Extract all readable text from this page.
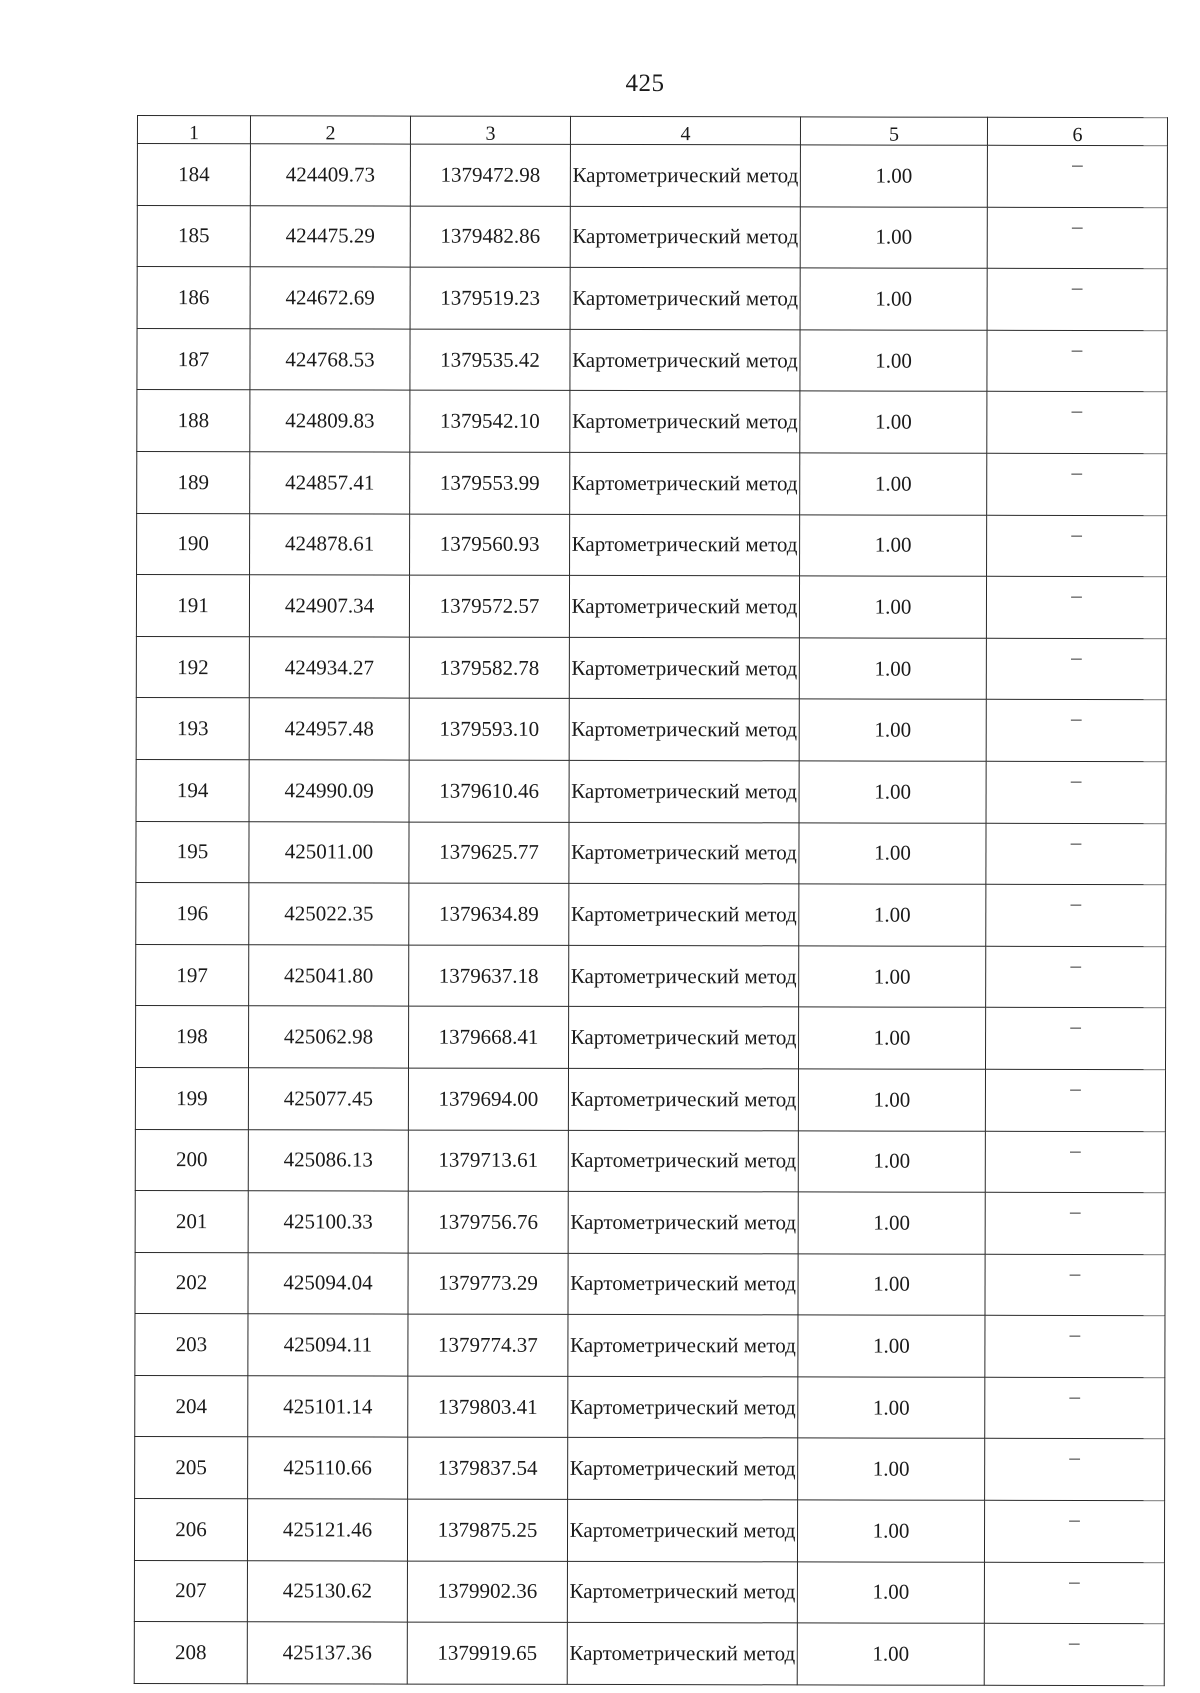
425
1	2	3	4	5	6
184	424409.73	1379472.98	Картометрический метод	1.00	–
185	424475.29	1379482.86	Картометрический метод	1.00	–
186	424672.69	1379519.23	Картометрический метод	1.00	–
187	424768.53	1379535.42	Картометрический метод	1.00	–
188	424809.83	1379542.10	Картометрический метод	1.00	–
189	424857.41	1379553.99	Картометрический метод	1.00	–
190	424878.61	1379560.93	Картометрический метод	1.00	–
191	424907.34	1379572.57	Картометрический метод	1.00	–
192	424934.27	1379582.78	Картометрический метод	1.00	–
193	424957.48	1379593.10	Картометрический метод	1.00	–
194	424990.09	1379610.46	Картометрический метод	1.00	–
195	425011.00	1379625.77	Картометрический метод	1.00	–
196	425022.35	1379634.89	Картометрический метод	1.00	–
197	425041.80	1379637.18	Картометрический метод	1.00	–
198	425062.98	1379668.41	Картометрический метод	1.00	–
199	425077.45	1379694.00	Картометрический метод	1.00	–
200	425086.13	1379713.61	Картометрический метод	1.00	–
201	425100.33	1379756.76	Картометрический метод	1.00	–
202	425094.04	1379773.29	Картометрический метод	1.00	–
203	425094.11	1379774.37	Картометрический метод	1.00	–
204	425101.14	1379803.41	Картометрический метод	1.00	–
205	425110.66	1379837.54	Картометрический метод	1.00	–
206	425121.46	1379875.25	Картометрический метод	1.00	–
207	425130.62	1379902.36	Картометрический метод	1.00	–
208	425137.36	1379919.65	Картометрический метод	1.00	–
